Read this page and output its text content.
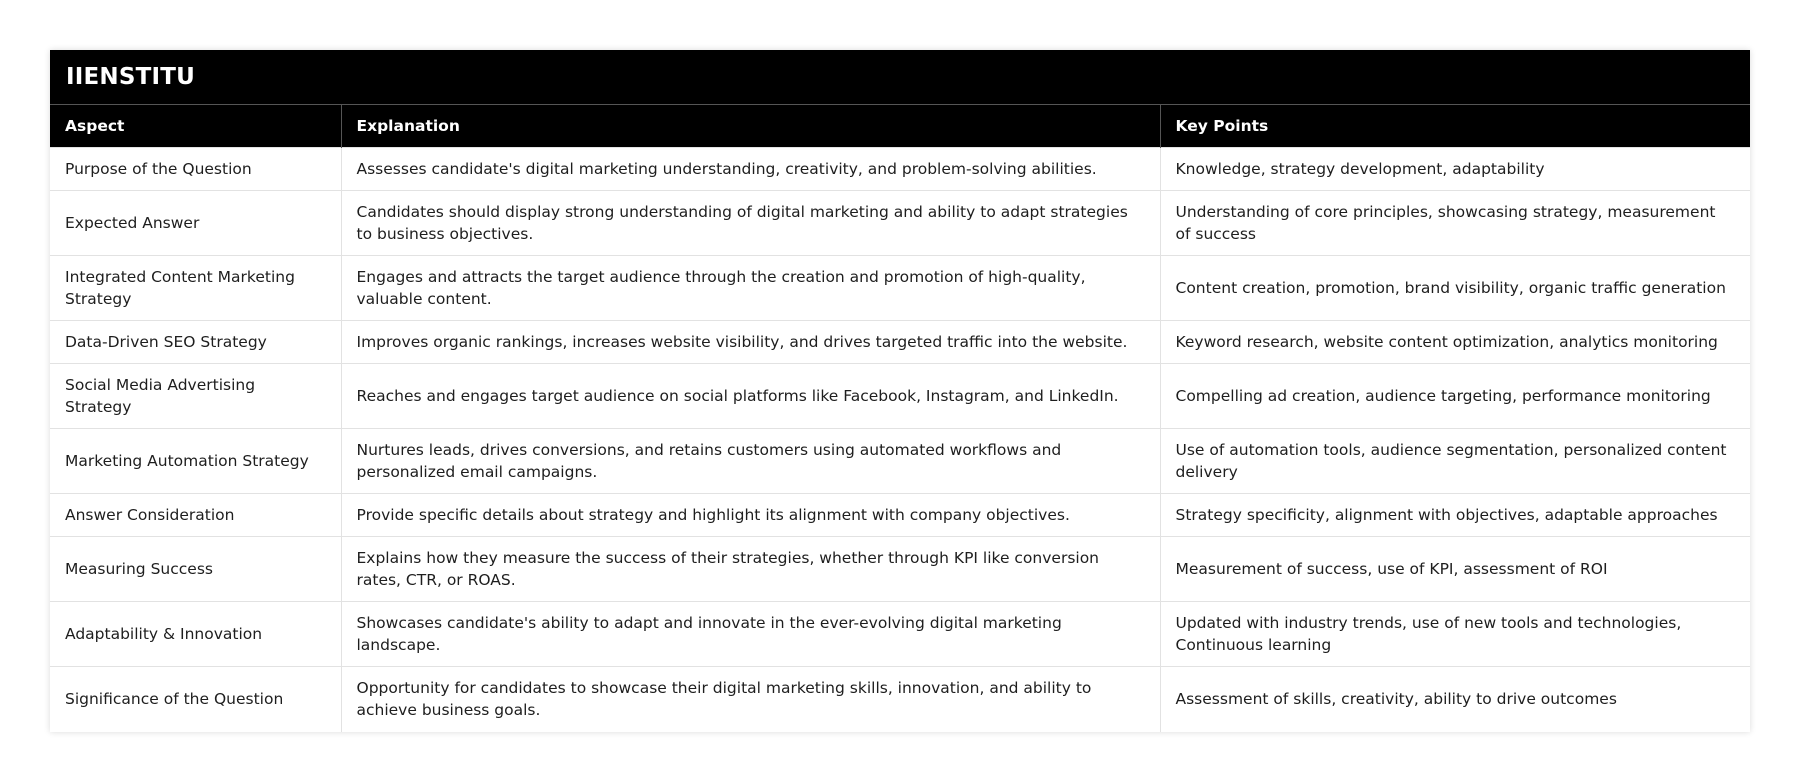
IIENSTITU
Aspect	Explanation	Key Points
Purpose of the Question	Assesses candidate's digital marketing understanding, creativity, and problem-solving abilities.	Knowledge, strategy development, adaptability
Expected Answer	Candidates should display strong understanding of digital marketing and ability to adapt strategies to business objectives.	Understanding of core principles, showcasing strategy, measurement of success
Integrated Content Marketing Strategy	Engages and attracts the target audience through the creation and promotion of high-quality, valuable content.	Content creation, promotion, brand visibility, organic traffic generation
Data-Driven SEO Strategy	Improves organic rankings, increases website visibility, and drives targeted traffic into the website.	Keyword research, website content optimization, analytics monitoring
Social Media Advertising Strategy	Reaches and engages target audience on social platforms like Facebook, Instagram, and LinkedIn.	Compelling ad creation, audience targeting, performance monitoring
Marketing Automation Strategy	Nurtures leads, drives conversions, and retains customers using automated workflows and personalized email campaigns.	Use of automation tools, audience segmentation, personalized content delivery
Answer Consideration	Provide specific details about strategy and highlight its alignment with company objectives.	Strategy specificity, alignment with objectives, adaptable approaches
Measuring Success	Explains how they measure the success of their strategies, whether through KPI like conversion rates, CTR, or ROAS.	Measurement of success, use of KPI, assessment of ROI
Adaptability & Innovation	Showcases candidate's ability to adapt and innovate in the ever-evolving digital marketing landscape.	Updated with industry trends, use of new tools and technologies, Continuous learning
Significance of the Question	Opportunity for candidates to showcase their digital marketing skills, innovation, and ability to achieve business goals.	Assessment of skills, creativity, ability to drive outcomes
